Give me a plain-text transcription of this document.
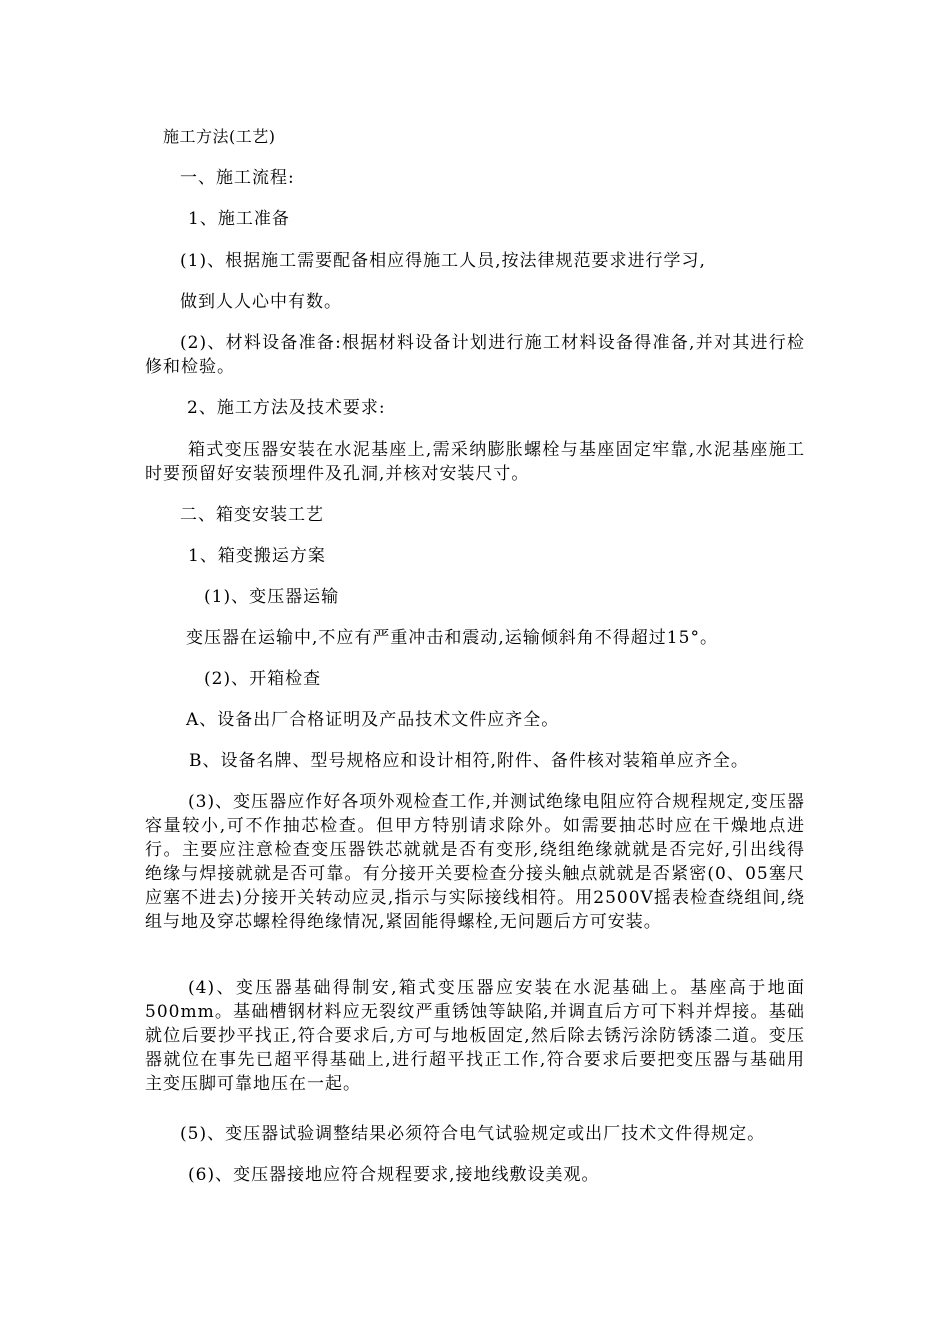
施工方法(工艺)

一、施工流程:

1、施工准备

(1)、根据施工需要配备相应得施工人员,按法律规范要求进行学习,

做到人人心中有数。

(2)、材料设备准备:根据材料设备计划进行施工材料设备得准备,并对其进行检修和检验。

2、施工方法及技术要求:

箱式变压器安装在水泥基座上,需采纳膨胀螺栓与基座固定牢靠,水泥基座施工时要预留好安装预埋件及孔洞,并核对安装尺寸。

二、箱变安装工艺

1、箱变搬运方案

(1)、变压器运输

变压器在运输中,不应有严重冲击和震动,运输倾斜角不得超过15°。

(2)、开箱检查

A、设备出厂合格证明及产品技术文件应齐全。

B、设备名牌、型号规格应和设计相符,附件、备件核对装箱单应齐全。

(3)、变压器应作好各项外观检查工作,并测试绝缘电阻应符合规程规定,变压器容量较小,可不作抽芯检查。但甲方特别请求除外。如需要抽芯时应在干燥地点进行。主要应注意检查变压器铁芯就就是否有变形,绕组绝缘就就是否完好,引出线得绝缘与焊接就就是否可靠。有分接开关要检查分接头触点就就是否紧密(0、05塞尺应塞不进去)分接开关转动应灵,指示与实际接线相符。用2500V摇表检查绕组间,绕组与地及穿芯螺栓得绝缘情况,紧固能得螺栓,无问题后方可安装。

(4)、变压器基础得制安,箱式变压器应安装在水泥基础上。基座高于地面500mm。基础槽钢材料应无裂纹严重锈蚀等缺陷,并调直后方可下料并焊接。基础就位后要抄平找正,符合要求后,方可与地板固定,然后除去锈污涂防锈漆二道。变压器就位在事先已超平得基础上,进行超平找正工作,符合要求后要把变压器与基础用主变压脚可靠地压在一起。

(5)、变压器试验调整结果必须符合电气试验规定或出厂技术文件得规定。

(6)、变压器接地应符合规程要求,接地线敷设美观。
